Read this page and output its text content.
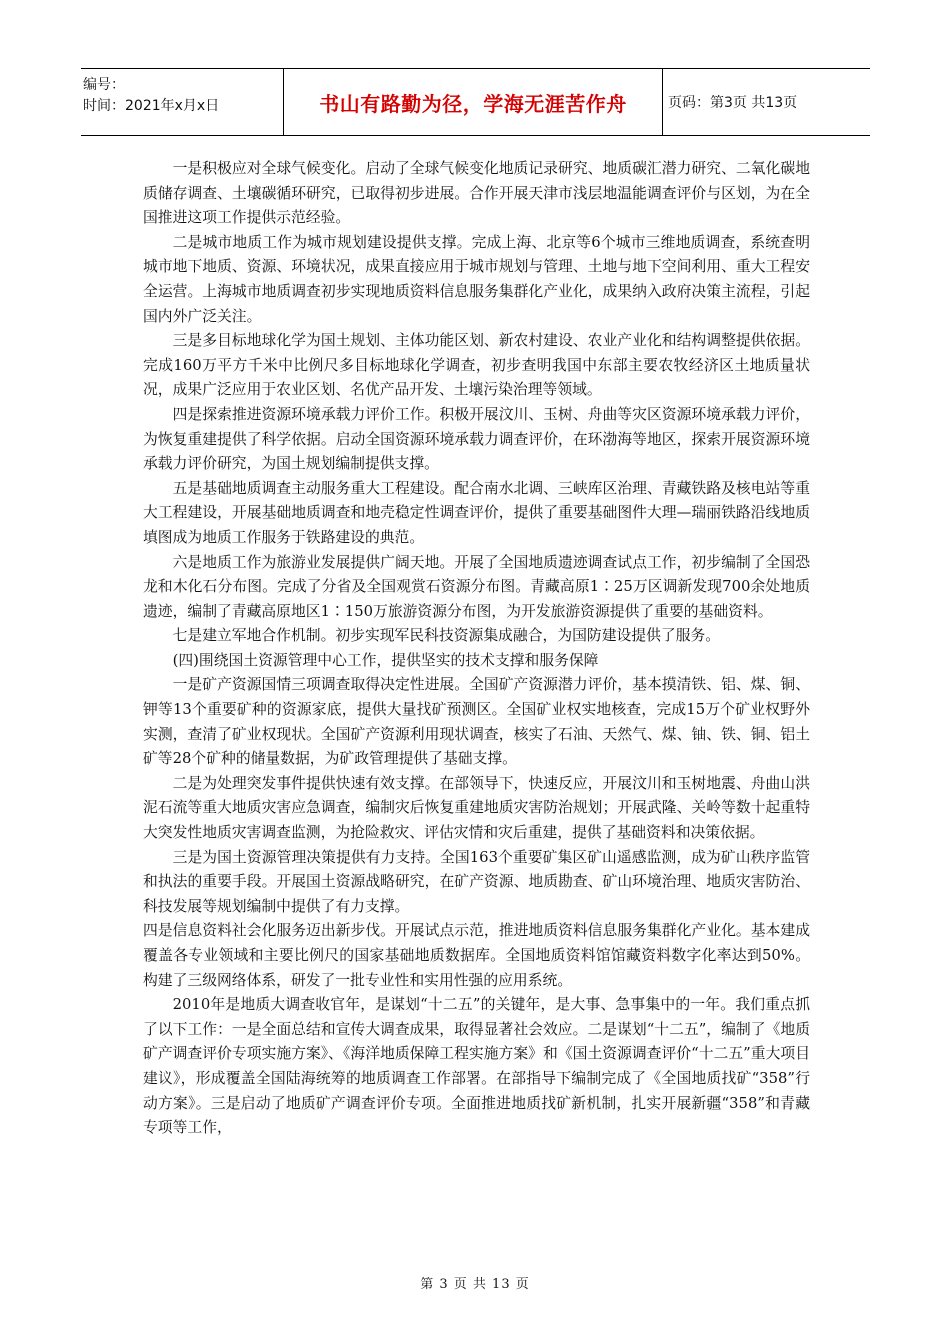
编号：
时间：2021年x月x日	书山有路勤为径，学海无涯苦作舟	页码：第3页 共13页

一是积极应对全球气候变化。启动了全球气候变化地质记录研究、地质碳汇潜力研究、二氧化碳地质储存调查、土壤碳循环研究，已取得初步进展。合作开展天津市浅层地温能调查评价与区划，为在全国推进这项工作提供示范经验。

二是城市地质工作为城市规划建设提供支撑。完成上海、北京等6个城市三维地质调查，系统查明城市地下地质、资源、环境状况，成果直接应用于城市规划与管理、土地与地下空间利用、重大工程安全运营。上海城市地质调查初步实现地质资料信息服务集群化产业化，成果纳入政府决策主流程，引起国内外广泛关注。

三是多目标地球化学为国土规划、主体功能区划、新农村建设、农业产业化和结构调整提供依据。完成160万平方千米中比例尺多目标地球化学调查，初步查明我国中东部主要农牧经济区土地质量状况，成果广泛应用于农业区划、名优产品开发、土壤污染治理等领域。

四是探索推进资源环境承载力评价工作。积极开展汶川、玉树、舟曲等灾区资源环境承载力评价，为恢复重建提供了科学依据。启动全国资源环境承载力调查评价，在环渤海等地区，探索开展资源环境承载力评价研究，为国土规划编制提供支撑。

五是基础地质调查主动服务重大工程建设。配合南水北调、三峡库区治理、青藏铁路及核电站等重大工程建设，开展基础地质调查和地壳稳定性调查评价，提供了重要基础图件大理—瑞丽铁路沿线地质填图成为地质工作服务于铁路建设的典范。

六是地质工作为旅游业发展提供广阔天地。开展了全国地质遗迹调查试点工作，初步编制了全国恐龙和木化石分布图。完成了分省及全国观赏石资源分布图。青藏高原1∶25万区调新发现700余处地质遗迹，编制了青藏高原地区1∶150万旅游资源分布图，为开发旅游资源提供了重要的基础资料。

七是建立军地合作机制。初步实现军民科技资源集成融合，为国防建设提供了服务。

(四)围绕国土资源管理中心工作，提供坚实的技术支撑和服务保障

一是矿产资源国情三项调查取得决定性进展。全国矿产资源潜力评价，基本摸清铁、铝、煤、铜、钾等13个重要矿种的资源家底，提供大量找矿预测区。全国矿业权实地核查，完成15万个矿业权野外实测，查清了矿业权现状。全国矿产资源利用现状调查，核实了石油、天然气、煤、铀、铁、铜、铝土矿等28个矿种的储量数据，为矿政管理提供了基础支撑。

二是为处理突发事件提供快速有效支撑。在部领导下，快速反应，开展汶川和玉树地震、舟曲山洪泥石流等重大地质灾害应急调查，编制灾后恢复重建地质灾害防治规划；开展武隆、关岭等数十起重特大突发性地质灾害调查监测，为抢险救灾、评估灾情和灾后重建，提供了基础资料和决策依据。

三是为国土资源管理决策提供有力支持。全国163个重要矿集区矿山遥感监测，成为矿山秩序监管和执法的重要手段。开展国土资源战略研究，在矿产资源、地质勘查、矿山环境治理、地质灾害防治、科技发展等规划编制中提供了有力支撑。

四是信息资料社会化服务迈出新步伐。开展试点示范，推进地质资料信息服务集群化产业化。基本建成覆盖各专业领域和主要比例尺的国家基础地质数据库。全国地质资料馆馆藏资料数字化率达到50%。构建了三级网络体系，研发了一批专业性和实用性强的应用系统。

2010年是地质大调查收官年，是谋划“十二五”的关键年，是大事、急事集中的一年。我们重点抓了以下工作：一是全面总结和宣传大调查成果，取得显著社会效应。二是谋划“十二五”，编制了《地质矿产调查评价专项实施方案》、《海洋地质保障工程实施方案》和《国土资源调查评价“十二五”重大项目建议》，形成覆盖全国陆海统筹的地质调查工作部署。在部指导下编制完成了《全国地质找矿“358”行动方案》。三是启动了地质矿产调查评价专项。全面推进地质找矿新机制，扎实开展新疆“358”和青藏专项等工作，

第 3 页 共 13 页
